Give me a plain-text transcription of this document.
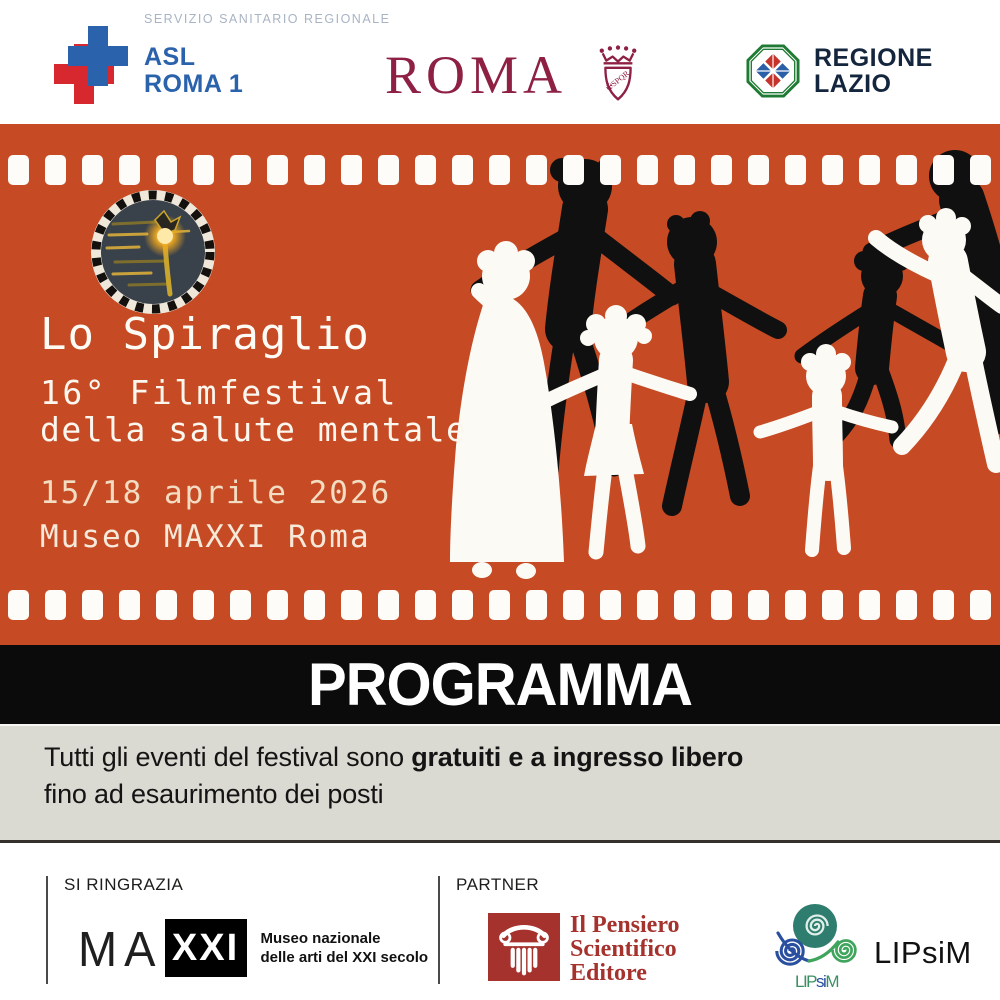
SERVIZIO SANITARIO REGIONALE
ASL
ROMA 1	ROMA	✠SPQR
REGIONE
LAZIO
Lo Spiraglio
16° Filmfestival
della salute mentale
15/18 aprile 2026
Museo MAXXI Roma
PROGRAMMA

Tutti gli eventi del festival sono gratuiti e a ingresso libero

fino ad esaurimento dei posti

SI RINGRAZIA
MA XXI Museo nazionale
delle arti del XXI secolo
PARTNER
Il Pensiero
Scientifico
Editore	LIPsiM
LIPsiM
